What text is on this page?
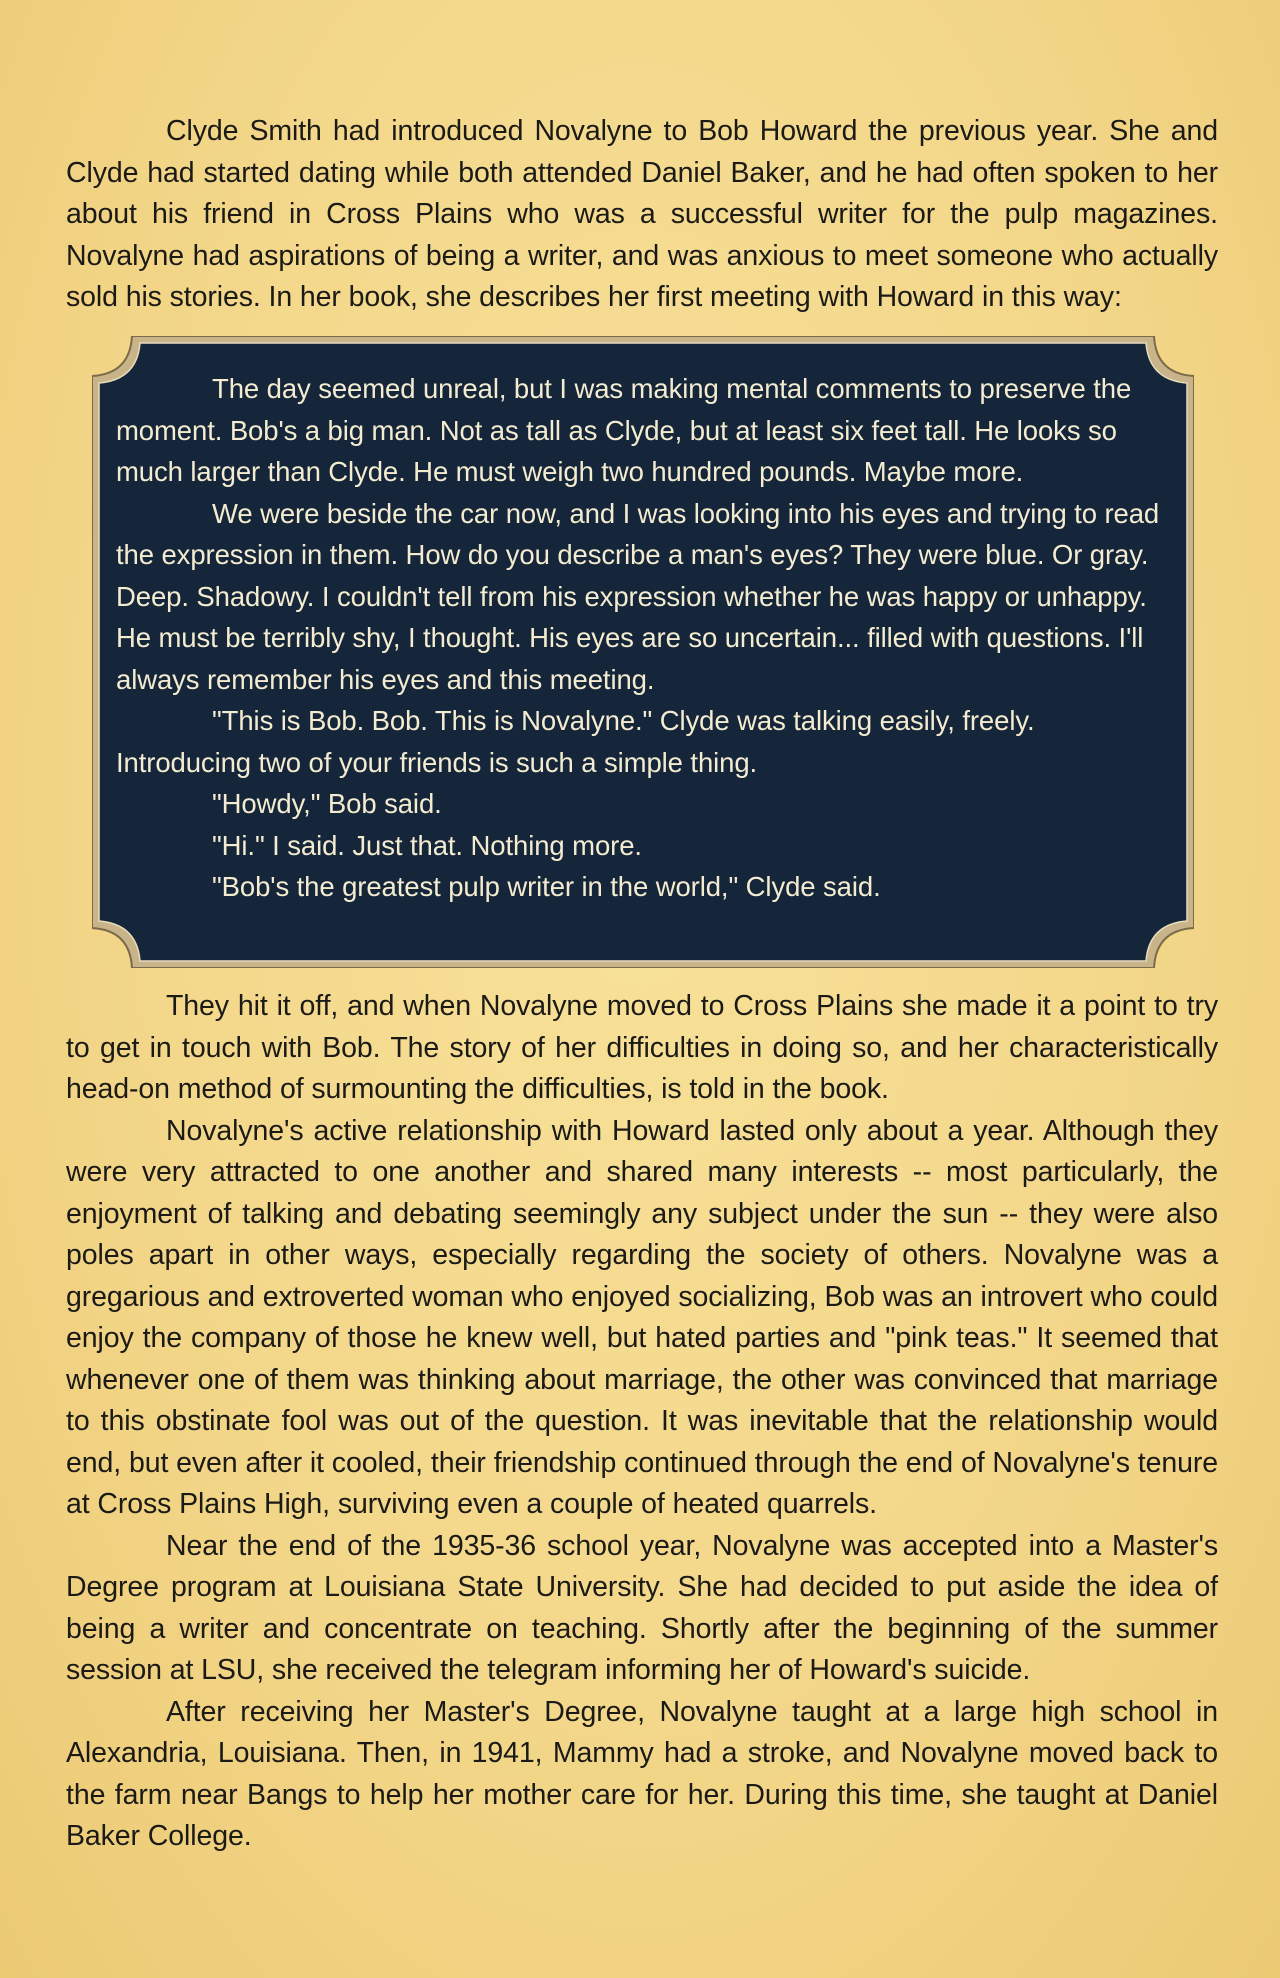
Clyde Smith had introduced Novalyne to Bob Howard the previous year. She and Clyde had started dating while both attended Daniel Baker, and he had often spoken to her about his friend in Cross Plains who was a successful writer for the pulp magazines. Novalyne had aspirations of being a writer, and was anxious to meet someone who actually sold his stories. In her book, she describes her first meeting with Howard in this way:

The day seemed unreal, but I was making mental comments to preserve the moment. Bob's a big man. Not as tall as Clyde, but at least six feet tall. He looks so much larger than Clyde. He must weigh two hundred pounds. Maybe more.

We were beside the car now, and I was looking into his eyes and trying to read the expression in them. How do you describe a man's eyes? They were blue. Or gray. Deep. Shadowy. I couldn't tell from his expression whether he was happy or unhappy. He must be terribly shy, I thought. His eyes are so uncertain... filled with questions. I'll always remember his eyes and this meeting.

"This is Bob. Bob. This is Novalyne." Clyde was talking easily, freely. Introducing two of your friends is such a simple thing.

"Howdy," Bob said.

"Hi." I said. Just that. Nothing more.

"Bob's the greatest pulp writer in the world," Clyde said.

They hit it off, and when Novalyne moved to Cross Plains she made it a point to try to get in touch with Bob. The story of her difficulties in doing so, and her characteristically head-on method of surmounting the difficulties, is told in the book.

Novalyne's active relationship with Howard lasted only about a year. Although they were very attracted to one another and shared many interests -- most particularly, the enjoyment of talking and debating seemingly any subject under the sun -- they were also poles apart in other ways, especially regarding the society of others. Novalyne was a gregarious and extroverted woman who enjoyed socializing, Bob was an introvert who could enjoy the company of those he knew well, but hated parties and "pink teas." It seemed that whenever one of them was thinking about marriage, the other was convinced that marriage to this obstinate fool was out of the question. It was inevitable that the relationship would end, but even after it cooled, their friendship continued through the end of Novalyne's tenure at Cross Plains High, surviving even a couple of heated quarrels.

Near the end of the 1935-36 school year, Novalyne was accepted into a Master's Degree program at Louisiana State University. She had decided to put aside the idea of being a writer and concentrate on teaching. Shortly after the beginning of the summer session at LSU, she received the telegram informing her of Howard's suicide.

After receiving her Master's Degree, Novalyne taught at a large high school in Alexandria, Louisiana. Then, in 1941, Mammy had a stroke, and Novalyne moved back to the farm near Bangs to help her mother care for her. During this time, she taught at Daniel Baker College.
